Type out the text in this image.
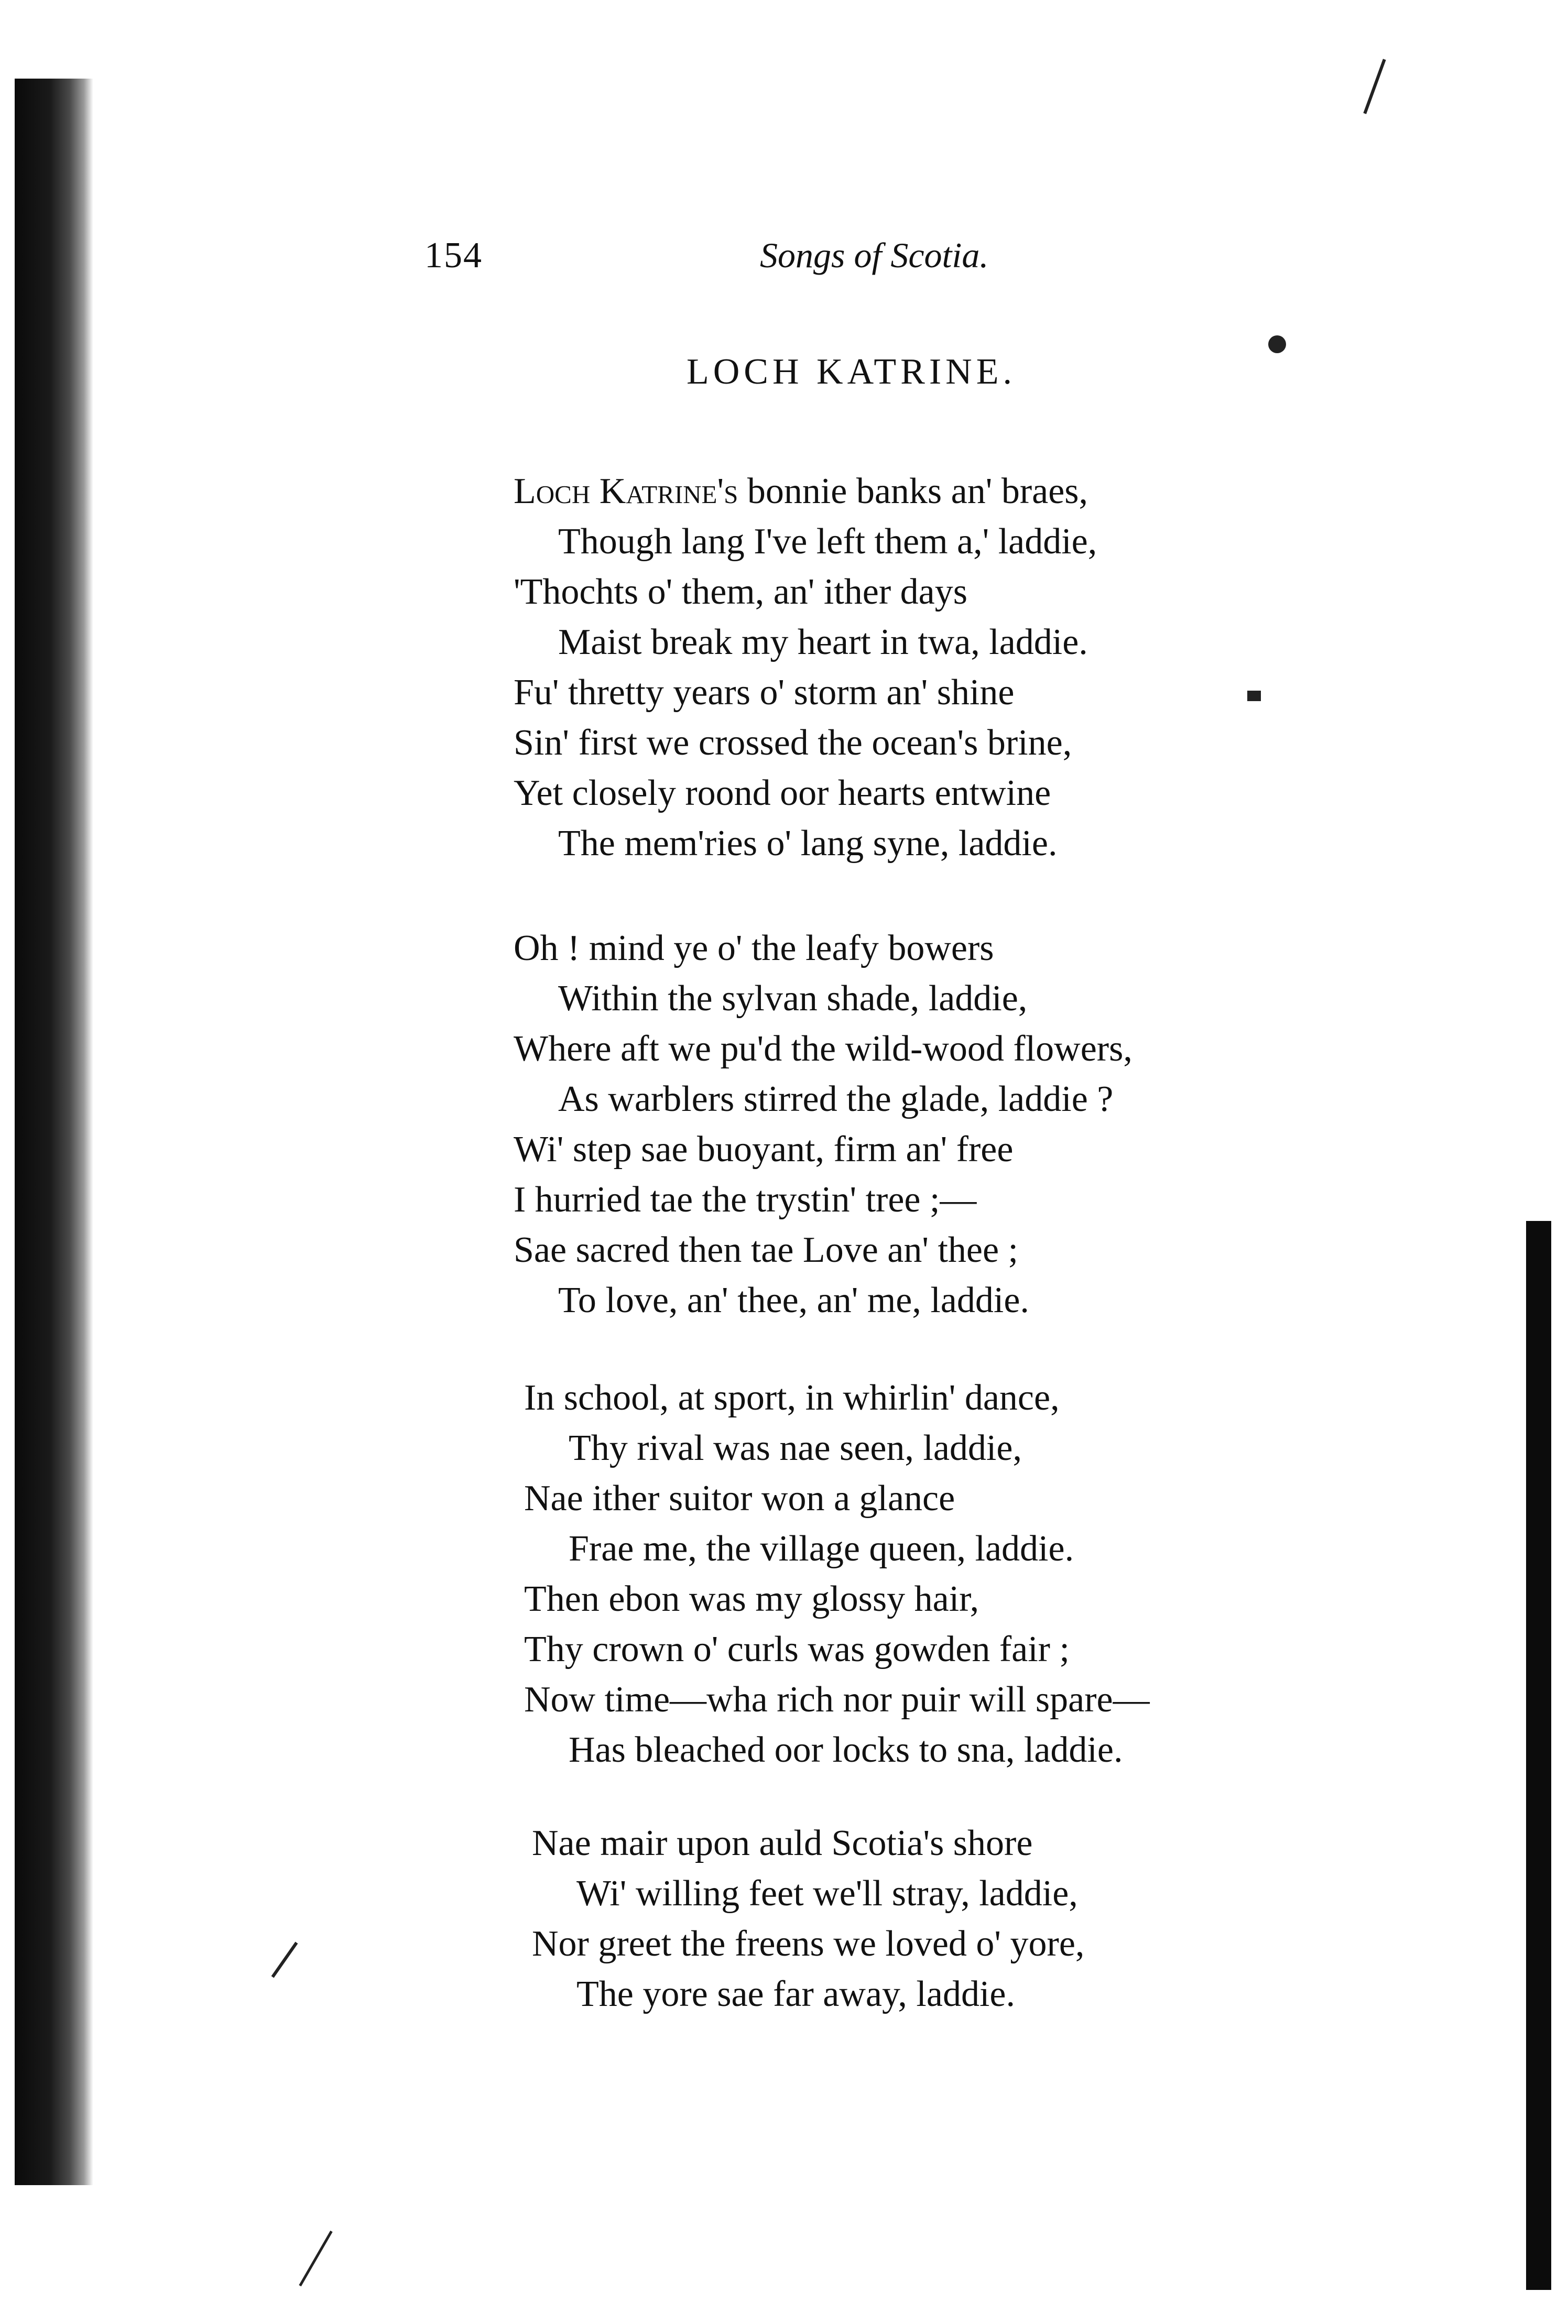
154	Songs of Scotia.
LOCH KATRINE.
Loch Katrine's bonnie banks an' braes,
Though lang I've left them a,' laddie,
'Thochts o' them, an' ither days
Maist break my heart in twa, laddie.
Fu' thretty years o' storm an' shine
Sin' first we crossed the ocean's brine,
Yet closely roond oor hearts entwine
The mem'ries o' lang syne, laddie.
Oh ! mind ye o' the leafy bowers
Within the sylvan shade, laddie,
Where aft we pu'd the wild-wood flowers,
As warblers stirred the glade, laddie ?
Wi' step sae buoyant, firm an' free
I hurried tae the trystin' tree ;—
Sae sacred then tae Love an' thee ;
To love, an' thee, an' me, laddie.
In school, at sport, in whirlin' dance,
Thy rival was nae seen, laddie,
Nae ither suitor won a glance
Frae me, the village queen, laddie.
Then ebon was my glossy hair,
Thy crown o' curls was gowden fair ;
Now time—wha rich nor puir will spare—
Has bleached oor locks to sna, laddie.
Nae mair upon auld Scotia's shore
Wi' willing feet we'll stray, laddie,
Nor greet the freens we loved o' yore,
The yore sae far away, laddie.
